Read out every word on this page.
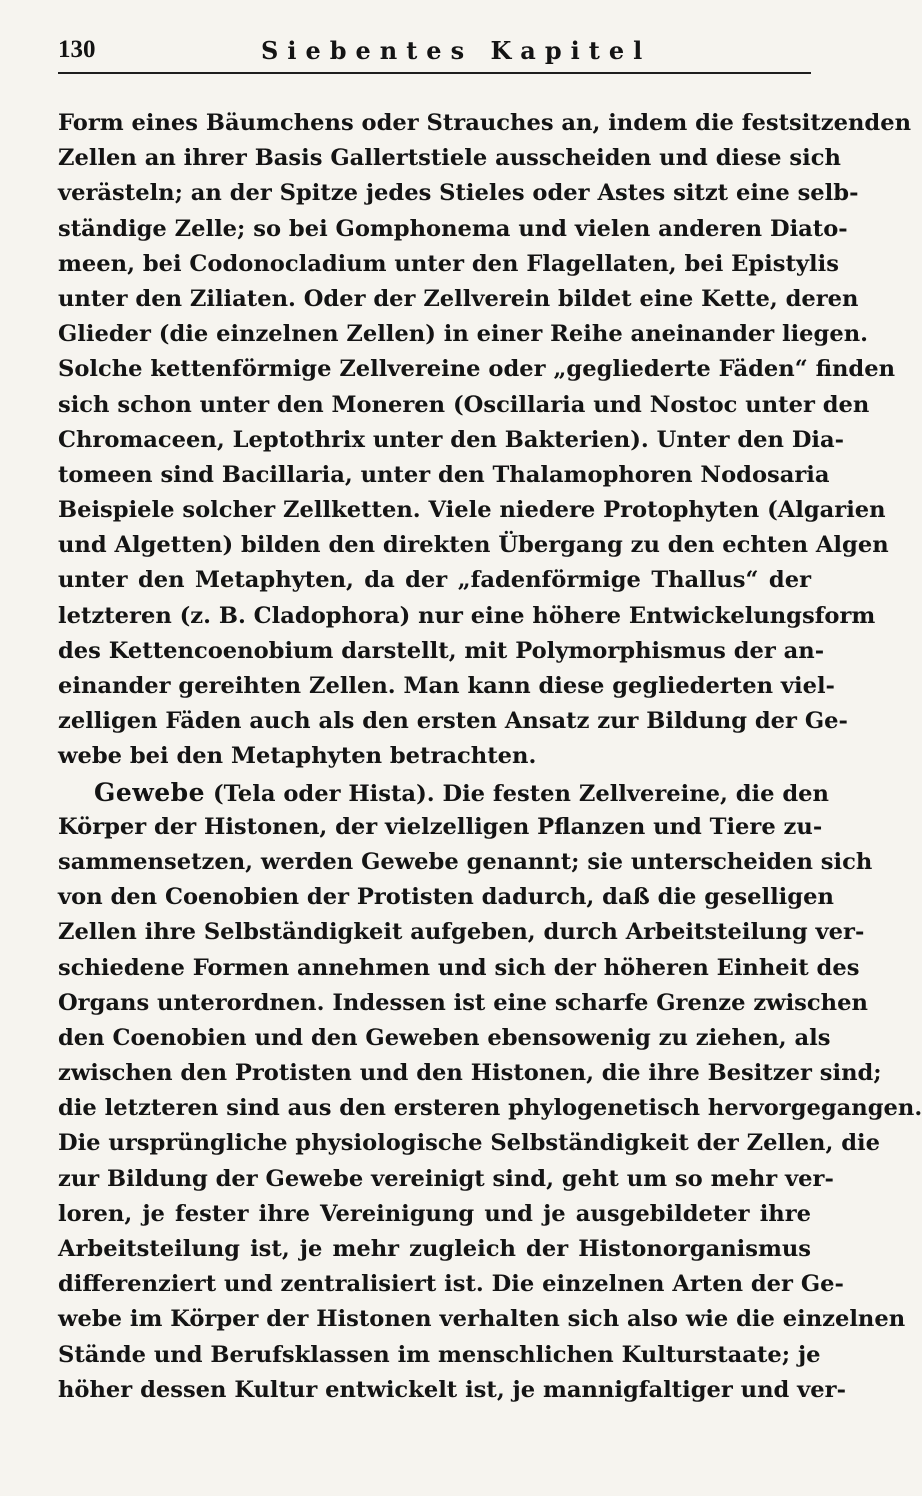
130	Siebentes Kapitel
Form eines Bäumchens oder Strauches an, indem die festsitzenden
Zellen an ihrer Basis Gallertstiele ausscheiden und diese sich
verästeln; an der Spitze jedes Stieles oder Astes sitzt eine selb-
ständige Zelle; so bei Gomphonema und vielen anderen Diato-
meen, bei Codonocladium unter den Flagellaten, bei Epistylis
unter den Ziliaten. Oder der Zellverein bildet eine Kette, deren
Glieder (die einzelnen Zellen) in einer Reihe aneinander liegen.
Solche kettenförmige Zellvereine oder „gegliederte Fäden“ finden
sich schon unter den Moneren (Oscillaria und Nostoc unter den
Chromaceen, Leptothrix unter den Bakterien). Unter den Dia-
tomeen sind Bacillaria, unter den Thalamophoren Nodosaria
Beispiele solcher Zellketten. Viele niedere Protophyten (Algarien
und Algetten) bilden den direkten Übergang zu den echten Algen
unter den Metaphyten, da der „fadenförmige Thallus“ der
letzteren (z. B. Cladophora) nur eine höhere Entwickelungsform
des Kettencoenobium darstellt, mit Polymorphismus der an-
einander gereihten Zellen. Man kann diese gegliederten viel-
zelligen Fäden auch als den ersten Ansatz zur Bildung der Ge-
webe bei den Metaphyten betrachten.
Gewebe (Tela oder Hista). Die festen Zellvereine, die den
Körper der Histonen, der vielzelligen Pflanzen und Tiere zu-
sammensetzen, werden Gewebe genannt; sie unterscheiden sich
von den Coenobien der Protisten dadurch, daß die geselligen
Zellen ihre Selbständigkeit aufgeben, durch Arbeitsteilung ver-
schiedene Formen annehmen und sich der höheren Einheit des
Organs unterordnen. Indessen ist eine scharfe Grenze zwischen
den Coenobien und den Geweben ebensowenig zu ziehen, als
zwischen den Protisten und den Histonen, die ihre Besitzer sind;
die letzteren sind aus den ersteren phylogenetisch hervorgegangen.
Die ursprüngliche physiologische Selbständigkeit der Zellen, die
zur Bildung der Gewebe vereinigt sind, geht um so mehr ver-
loren, je fester ihre Vereinigung und je ausgebildeter ihre
Arbeitsteilung ist, je mehr zugleich der Histonorganismus
differenziert und zentralisiert ist. Die einzelnen Arten der Ge-
webe im Körper der Histonen verhalten sich also wie die einzelnen
Stände und Berufsklassen im menschlichen Kulturstaate; je
höher dessen Kultur entwickelt ist, je mannigfaltiger und ver-
